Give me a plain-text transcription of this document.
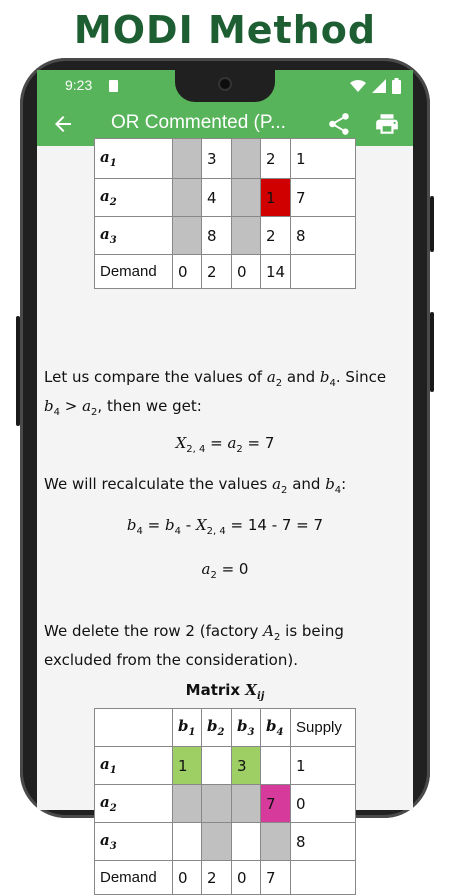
MODI Method
9:23
OR Commented (P...
$a_1$		3		2	1
$a_2$		4		1	7
$a_3$		8		2	8
Demand	0	2	0	14	
Let us compare the values of $a_2$ and $b_4$. Since
$b_4 > a_2$, then we get:
$X_{2, 4} = a_2 = 7$
We will recalculate the values $a_2$ and $b_4$:
$b_4 = b_4 - X_{2, 4} = 14 - 7 = 7$
$a_2 = 0$
We delete the row 2 (factory $A_2$ is being
excluded from the consideration).
Matrix $X_{ij}$
	$b_1$	$b_2$	$b_3$	$b_4$	Supply
$a_1$	1		3		1
$a_2$				7	0
$a_3$					8
Demand	0	2	0	7	
